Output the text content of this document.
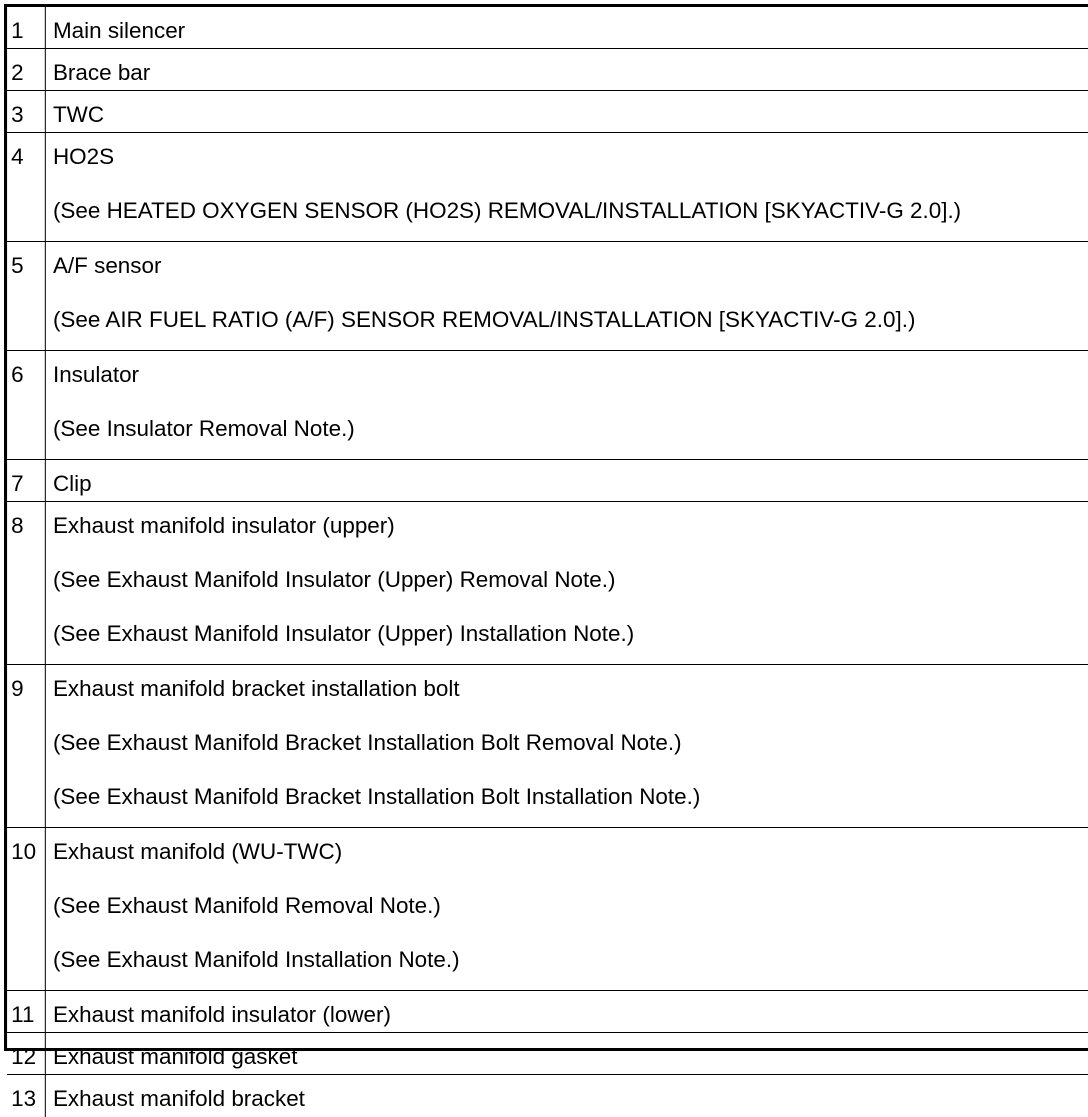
1	Main silencer
2	Brace bar
3	TWC
4	HO2S
(See HEATED OXYGEN SENSOR (HO2S) REMOVAL/INSTALLATION [SKYACTIV-G 2.0].)
5	A/F sensor
(See AIR FUEL RATIO (A/F) SENSOR REMOVAL/INSTALLATION [SKYACTIV-G 2.0].)
6	Insulator
(See Insulator Removal Note.)
7	Clip
8	Exhaust manifold insulator (upper)
(See Exhaust Manifold Insulator (Upper) Removal Note.)
(See Exhaust Manifold Insulator (Upper) Installation Note.)
9	Exhaust manifold bracket installation bolt
(See Exhaust Manifold Bracket Installation Bolt Removal Note.)
(See Exhaust Manifold Bracket Installation Bolt Installation Note.)
10 Exhaust manifold (WU-TWC)
(See Exhaust Manifold Removal Note.)
(See Exhaust Manifold Installation Note.)
11 Exhaust manifold insulator (lower)
12 Exhaust manifold gasket
13 Exhaust manifold bracket
